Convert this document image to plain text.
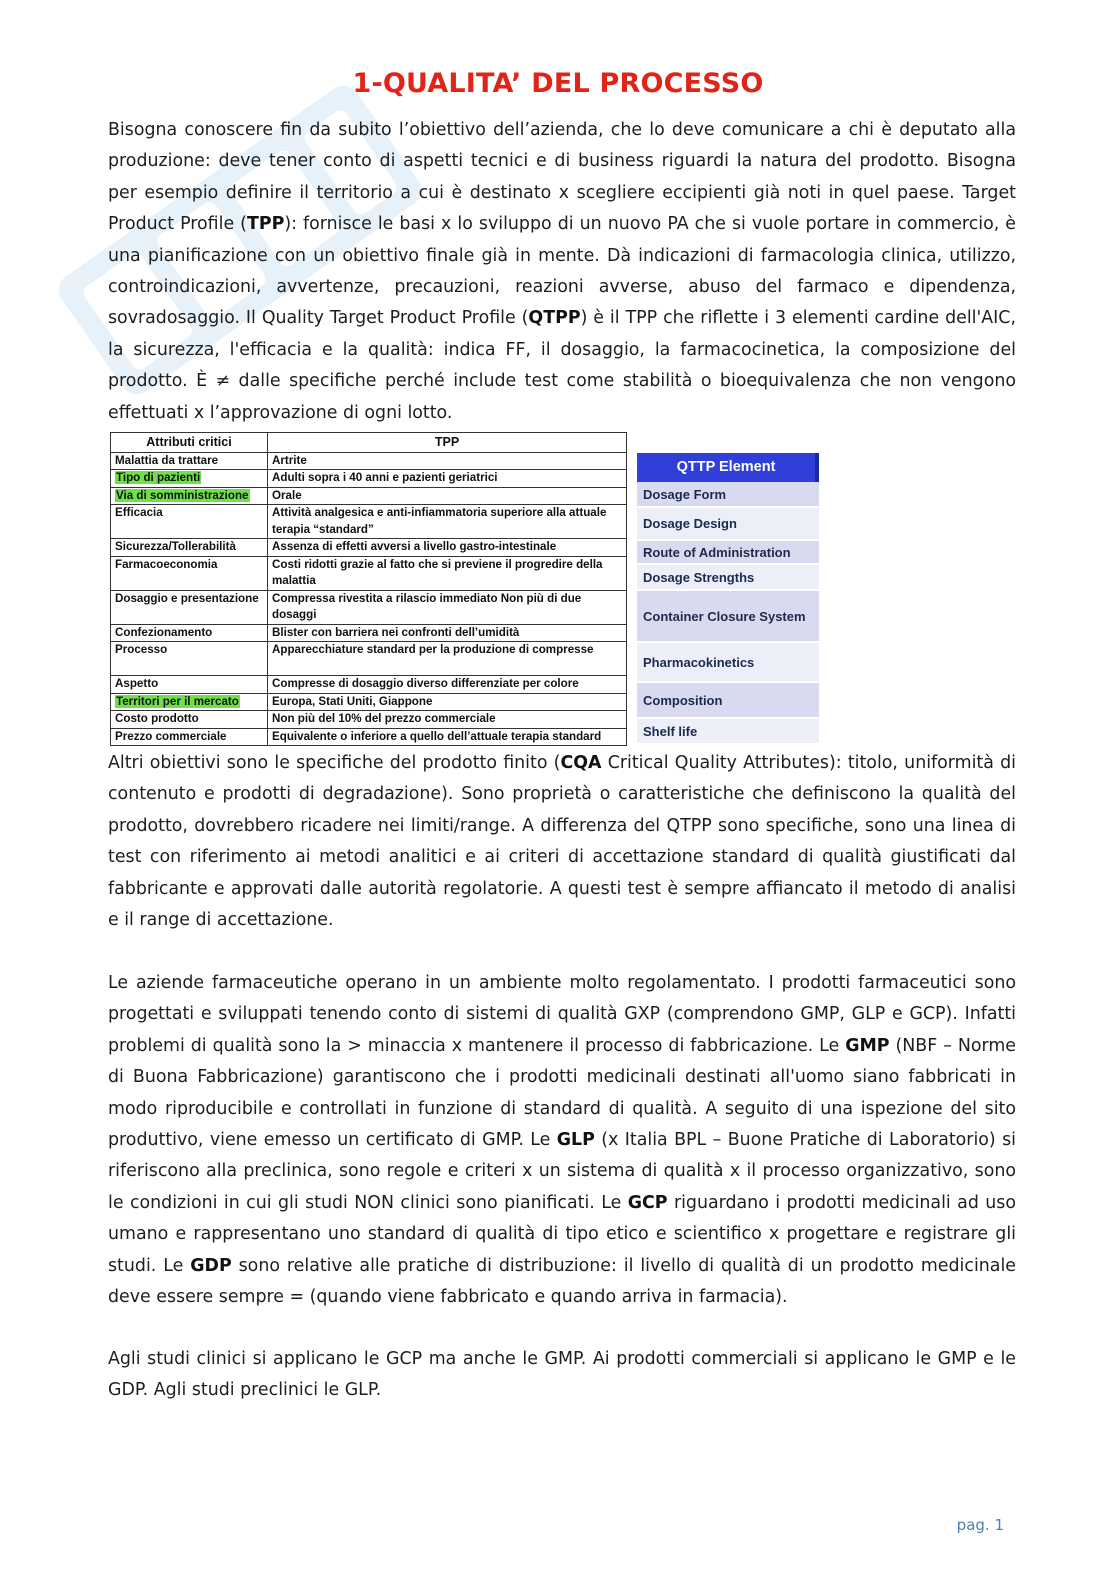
1-QUALITA’ DEL PROCESSO

Bisogna conoscere fin da subito l’obiettivo dell’azienda, che lo deve comunicare a chi è deputato alla produzione: deve tener conto di aspetti tecnici e di business riguardi la natura del prodotto. Bisogna per esempio definire il territorio a cui è destinato x scegliere eccipienti già noti in quel paese. Target Product Profile (TPP): fornisce le basi x lo sviluppo di un nuovo PA che si vuole portare in commercio, è una pianificazione con un obiettivo finale già in mente. Dà indicazioni di farmacologia clinica, utilizzo, controindicazioni, avvertenze, precauzioni, reazioni avverse, abuso del farmaco e dipendenza, sovradosaggio. Il Quality Target Product Profile (QTPP) è il TPP che riflette i 3 elementi cardine dell'AIC, la sicurezza, l'efficacia e la qualità: indica FF, il dosaggio, la farmacocinetica, la composizione del prodotto. È ≠ dalle specifiche perché include test come stabilità o bioequivalenza che non vengono effettuati x l’approvazione di ogni lotto.

Attributi critici	TPP
Malattia da trattare	Artrite
Tipo di pazienti	Adulti sopra i 40 anni e pazienti geriatrici
Via di somministrazione	Orale
Efficacia	Attività analgesica e anti-infiammatoria superiore alla attuale terapia “standard”
Sicurezza/Tollerabilità	Assenza di effetti avversi a livello gastro-intestinale
Farmacoeconomia	Costi ridotti grazie al fatto che si previene il progredire della malattia
Dosaggio e presentazione	Compressa rivestita a rilascio immediato Non più di due dosaggi
Confezionamento	Blister con barriera nei confronti dell’umidità
Processo	Apparecchiature standard per la produzione di compresse
Aspetto	Compresse di dosaggio diverso differenziate per colore
Territori per il mercato	Europa, Stati Uniti, Giappone
Costo prodotto	Non più del 10% del prezzo commerciale
Prezzo commerciale	Equivalente o inferiore a quello dell’attuale terapia standard
QTTP Element
Dosage Form
Dosage Design
Route of Administration
Dosage Strengths
Container Closure System
Pharmacokinetics
Composition
Shelf life

Altri obiettivi sono le specifiche del prodotto finito (CQA Critical Quality Attributes): titolo, uniformità di contenuto e prodotti di degradazione). Sono proprietà o caratteristiche che definiscono la qualità del prodotto, dovrebbero ricadere nei limiti/range. A differenza del QTPP sono specifiche, sono una linea di test con riferimento ai metodi analitici e ai criteri di accettazione standard di qualità giustificati dal fabbricante e approvati dalle autorità regolatorie. A questi test è sempre affiancato il metodo di analisi e il range di accettazione.

Le aziende farmaceutiche operano in un ambiente molto regolamentato. I prodotti farmaceutici sono progettati e sviluppati tenendo conto di sistemi di qualità GXP (comprendono GMP, GLP e GCP). Infatti problemi di qualità sono la > minaccia x mantenere il processo di fabbricazione. Le GMP (NBF – Norme di Buona Fabbricazione) garantiscono che i prodotti medicinali destinati all'uomo siano fabbricati in modo riproducibile e controllati in funzione di standard di qualità. A seguito di una ispezione del sito produttivo, viene emesso un certificato di GMP. Le GLP (x Italia BPL – Buone Pratiche di Laboratorio) si riferiscono alla preclinica, sono regole e criteri x un sistema di qualità x il processo organizzativo, sono le condizioni in cui gli studi NON clinici sono pianificati. Le GCP riguardano i prodotti medicinali ad uso umano e rappresentano uno standard di qualità di tipo etico e scientifico x progettare e registrare gli studi. Le GDP sono relative alle pratiche di distribuzione: il livello di qualità di un prodotto medicinale deve essere sempre = (quando viene fabbricato e quando arriva in farmacia).

Agli studi clinici si applicano le GCP ma anche le GMP. Ai prodotti commerciali si applicano le GMP e le GDP. Agli studi preclinici le GLP.

pag. 1
